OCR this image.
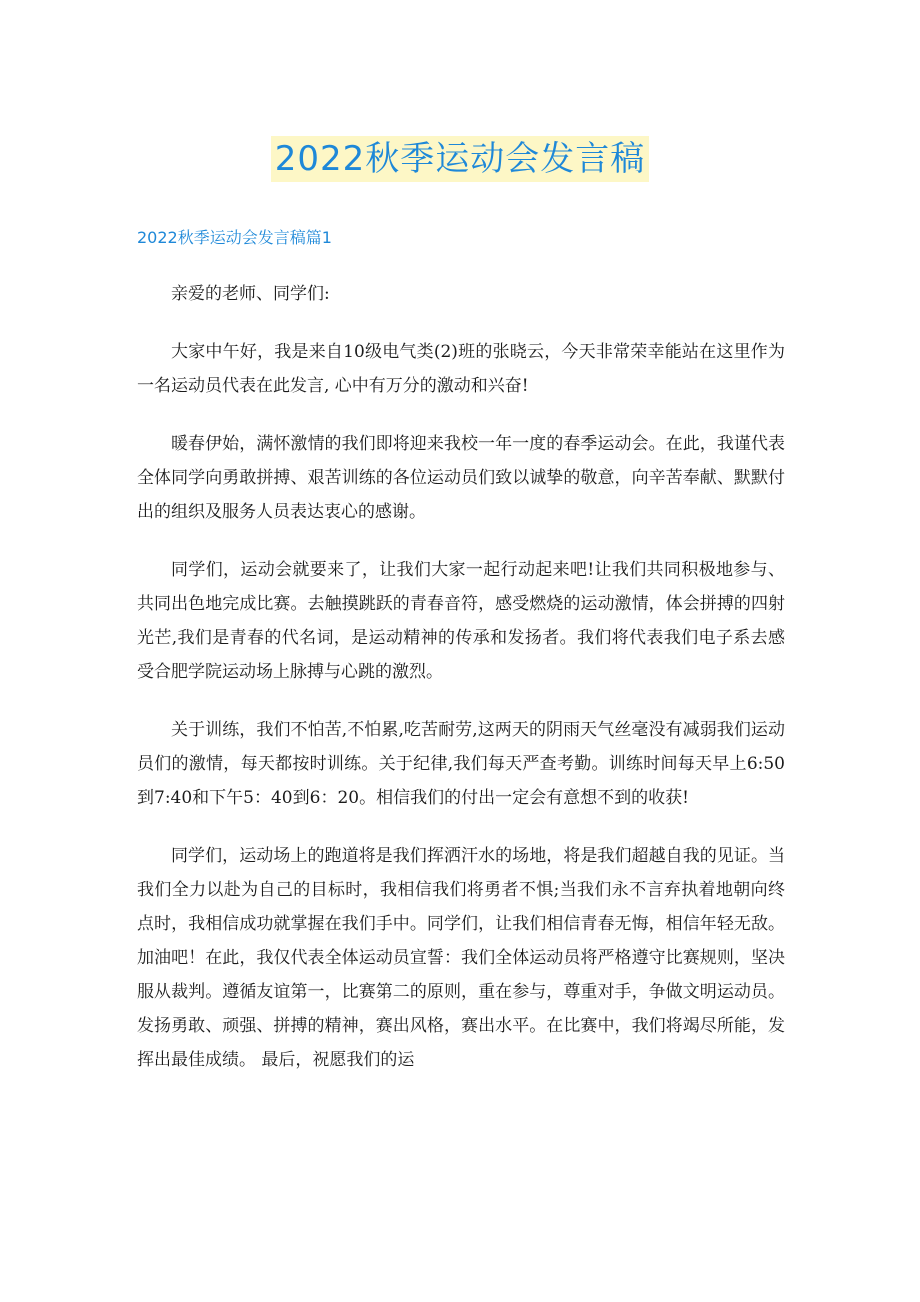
2022秋季运动会发言稿
2022秋季运动会发言稿篇1

亲爱的老师、同学们:

大家中午好，我是来自10级电气类(2)班的张晓云，今天非常荣幸能站在这里作为一名运动员代表在此发言, 心中有万分的激动和兴奋!

暖春伊始，满怀激情的我们即将迎来我校一年一度的春季运动会。在此，我谨代表全体同学向勇敢拼搏、艰苦训练的各位运动员们致以诚挚的敬意，向辛苦奉献、默默付出的组织及服务人员表达衷心的感谢。

同学们，运动会就要来了，让我们大家一起行动起来吧!让我们共同积极地参与、共同出色地完成比赛。去触摸跳跃的青春音符，感受燃烧的运动激情，体会拼搏的四射光芒,我们是青春的代名词，是运动精神的传承和发扬者。我们将代表我们电子系去感受合肥学院运动场上脉搏与心跳的激烈。

关于训练，我们不怕苦,不怕累,吃苦耐劳,这两天的阴雨天气丝毫没有减弱我们运动员们的激情，每天都按时训练。关于纪律,我们每天严查考勤。训练时间每天早上6:50到7:40和下午5：40到6：20。相信我们的付出一定会有意想不到的收获!

同学们，运动场上的跑道将是我们挥洒汗水的场地，将是我们超越自我的见证。当我们全力以赴为自己的目标时，我相信我们将勇者不惧;当我们永不言弃执着地朝向终点时，我相信成功就掌握在我们手中。同学们，让我们相信青春无悔，相信年轻无敌。加油吧！在此，我仅代表全体运动员宣誓：我们全体运动员将严格遵守比赛规则，坚决服从裁判。遵循友谊第一，比赛第二的原则，重在参与，尊重对手，争做文明运动员。发扬勇敢、顽强、拼搏的精神，赛出风格，赛出水平。在比赛中，我们将竭尽所能，发挥出最佳成绩。 最后，祝愿我们的运
